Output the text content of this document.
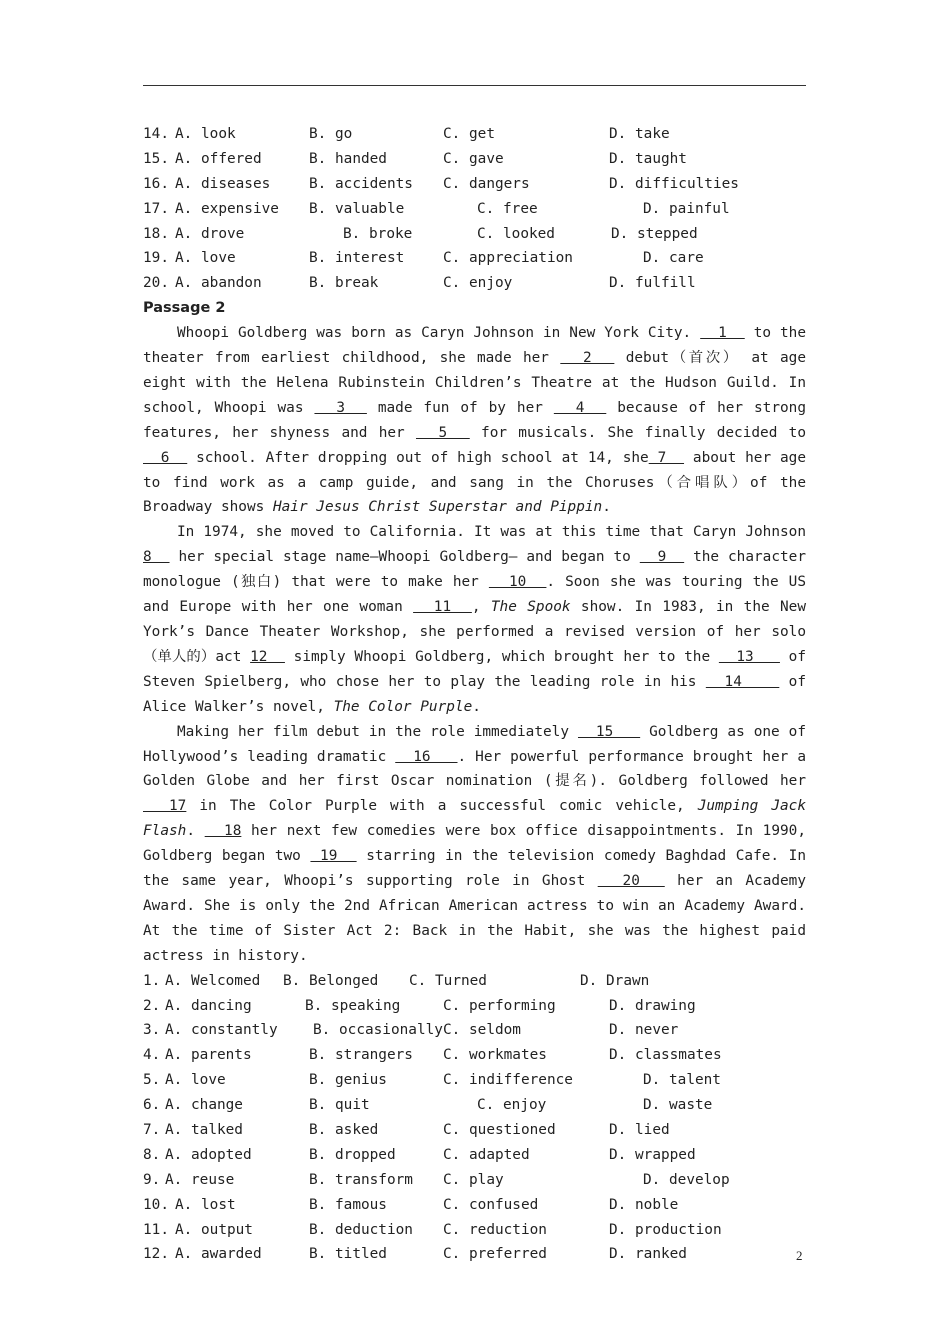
14. A. look	B. go	C. get	D. take
15. A. offered	B. handed	C. gave	D. taught
16. A. diseases	B. accidents	C. dangers	D. difficulties
17. A. expensive	B. valuable	C. free	D. painful
18. A. drove	B. broke	C. looked	D. stepped
19. A. love	B. interest	C. appreciation	D. care
20. A. abandon	B. break	C. enjoy	D. fulfill
Passage 2

Whoopi Goldberg was born as Caryn Johnson in New York City.   1   to the theater from earliest childhood, she made her   2   debut（首次） at age eight with the Helena Rubinstein Children’s Theatre at the Hudson Guild. In school, Whoopi was   3   made fun of by her   4   because of her strong features, her shyness and her   5   for musicals. She finally decided to   6   school. After dropping out of high school at 14, she 7   about her age to find work as a camp guide, and sang in the Choruses（合唱队）of the Broadway shows Hair Jesus Christ Superstar and Pippin.

In 1974, she moved to California. It was at this time that Caryn Johnson 8   her special stage name—Whoopi Goldberg— and began to   9   the character monologue (独白) that were to make her   10  . Soon she was touring the US and Europe with her one woman   11  , The Spook show. In 1983, in the New York’s Dance Theater Workshop, she performed a revised version of her solo（单人的）act 12   simply Whoopi Goldberg, which brought her to the   13    of Steven Spielberg, who chose her to play the leading role in his   14     of Alice Walker’s novel, The Color Purple.

Making her film debut in the role immediately   15    Goldberg as one of Hollywood’s leading dramatic   16   . Her powerful performance brought her a Golden Globe and her first Oscar nomination (提名). Goldberg followed her   17 in The Color Purple with a successful comic vehicle, Jumping Jack Flash.   18 her next few comedies were box office disappointments. In 1990, Goldberg began two  19   starring in the television comedy Baghdad Cafe. In the same year, Whoopi’s supporting role in Ghost   20   her an Academy Award. She is only the 2nd African American actress to win an Academy Award. At the time of Sister Act 2: Back in the Habit, she was the highest paid actress in history.

1. A. Welcomed	B. Belonged	C. Turned	D. Drawn
2. A. dancing	B. speaking	C. performing	D. drawing
3. A. constantly	B. occasionally C. seldom	D. never
4. A. parents	B. strangers	C. workmates	D. classmates
5. A. love	B. genius	C. indifference	D. talent
6. A. change	B. quit	C. enjoy	D. waste
7. A. talked	B. asked	C. questioned	D. lied
8. A. adopted	B. dropped	C. adapted	D. wrapped
9. A. reuse	B. transform	C. play	D. develop
10. A. lost	B. famous	C. confused	D. noble
11. A. output	B. deduction	C. reduction	D. production
12. A. awarded	B. titled	C. preferred	D. ranked	2
